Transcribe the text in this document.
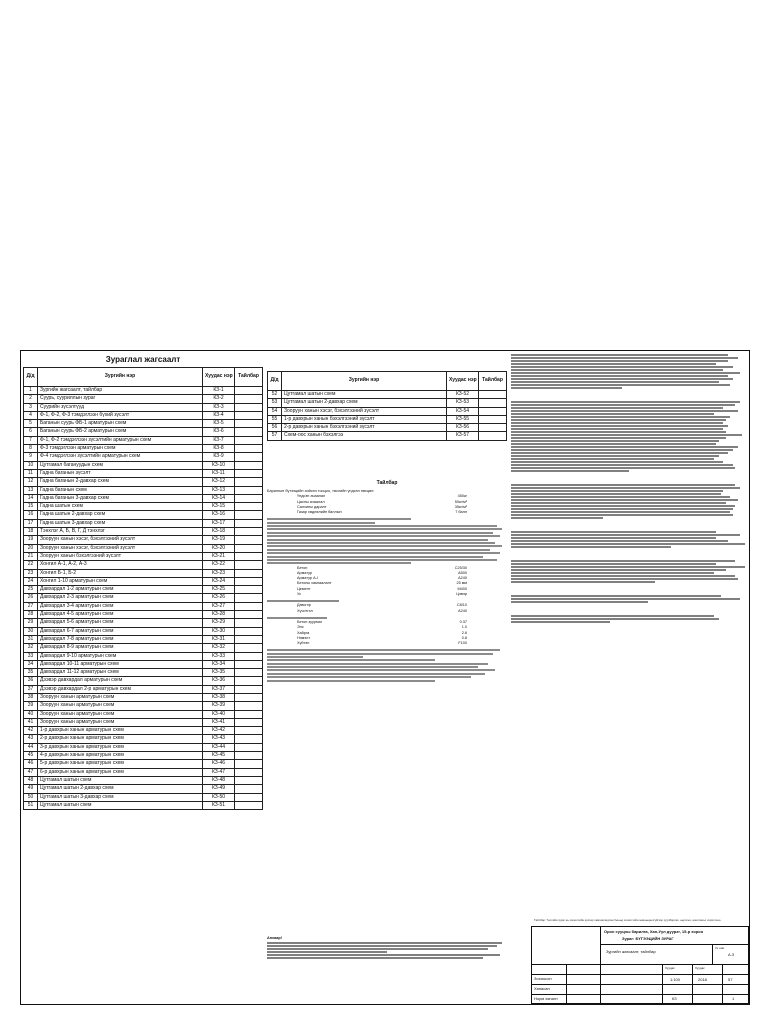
Зураглал жагсаалт
Д/д	Зургийн нэр	Хуудас нэр	Тайлбар
1	Зургийн жагсаалт, тайлбар	КЗ-1	
2	Суурь, сууриллын зураг	КЗ-2	
3	Суурийн зүсэлтүүд	КЗ-3	
4	Ф-1, Ф-2, Ф-3 тэмдэглээн бүхий зүсэлт	КЗ-4	
5	Баганын суурь ФБ-1 арматурын схем	КЗ-5	
6	Баганын суурь ФБ-2 арматурын схем	КЗ-6	
7	Ф-1, Ф-2 тэмдэглээн зүсэлтийн арматурын схем	КЗ-7	
8	Ф-3 тэмдэглээн арматурын схем	КЗ-8	
9	Ф-4 тэмдэглээн зүсэлтийн арматурын схем	КЗ-9	
10	Цутгамал багануудын схем	КЗ-10	
11	Гадна баганын зүсэлт	КЗ-11	
12	Гадна баганын 2-давхар схем	КЗ-12	
13	Гадна баганын схем	КЗ-13	
14	Гадна баганын 3-давхар схем	КЗ-14	
15	Гадна шатын схем	КЗ-15	
16	Гадна шатын 2-давхар схем	КЗ-16	
17	Гадна шатын 3-давхар схем	КЗ-17	
18	Тэнхлэг А, Б, В, Г, Д тэнхлэг	КЗ-18	
19	Зооруун ханын хэсэг, бэхэлгээний зүсэлт	КЗ-19	
20	Зооруун ханын хэсэг, бэхэлгээний зүсэлт	КЗ-20	
21	Зооруун ханын бэхэлгээний зүсэлт	КЗ-21	
22	Хонгил А-1, А-2, А-3	КЗ-22	
23	Хонгил Б-1, Б-2	КЗ-23	
24	Хонгил 1-10 арматурын схем	КЗ-24	
25	Давхардал 1-2 арматурын схем	КЗ-25	
26	Давхардал 2-3 арматурын схем	КЗ-26	
27	Давхардал 3-4 арматурын схем	КЗ-27	
28	Давхардал 4-5 арматурын схем	КЗ-28	
29	Давхардал 5-6 арматурын схем	КЗ-29	
30	Давхардал 6-7 арматурын схем	КЗ-30	
31	Давхардал 7-8 арматурын схем	КЗ-31	
32	Давхардал 8-9 арматурын схем	КЗ-32	
33	Давхардал 9-10 арматурын схем	КЗ-33	
34	Давхардал 10-11 арматурын схем	КЗ-34	
35	Давхардал 11-12 арматурын схем	КЗ-35	
36	Дээвэр давхардал арматурын схем	КЗ-36	
37	Дээвэр давхардал 2-р арматурын схем	КЗ-37	
38	Зооруун ханын арматурын схем	КЗ-38	
39	Зооруун ханын арматурын схем	КЗ-39	
40	Зооруун ханын арматурын схем	КЗ-40	
41	Зооруун ханын арматурын схем	КЗ-41	
42	1-р давхрын ханын арматурын схем	КЗ-42	
43	2-р давхрын ханын арматурын схем	КЗ-43	
44	3-р давхрын ханын арматурын схем	КЗ-44	
45	4-р давхрын ханын арматурын схем	КЗ-45	
46	5-р давхрын ханын арматурын схем	КЗ-46	
47	6-р давхрын ханын арматурын схем	КЗ-47	
48	Цутгамал шатын схем	КЗ-48	
49	Цутгамал шатын 2-давхар схем	КЗ-49	
50	Цутгамал шатын 3-давхар схем	КЗ-50	
51	Цутгамал шатын схем	КЗ-51	
Д/д	Зургийн нэр	Хуудас нэр	Тайлбар
52	Цутгамал шатын схем	КЗ-52	
53	Цутгамал шатын 2-давхар схем	КЗ-53	
54	Зооруун ханын хэсэг, бэхэлгээний зүсэлт	КЗ-54	
55	1-р давхрын ханын бэхэлгээний зүсэлт	КЗ-55	
56	2-р давхрын ханын бэхэлгээний зүсэлт	КЗ-56	
57	Схем-оос ханын бэхэлгээ	КЗ-57	
Тайлбар
Барилгын бүтээцийн хийсэн тооцоо, төслийн үндсэн нөхцөл:
Үндсэн ачаалал	450кг
Цасны ачаалал	50кг/м²
Салхины даралт	35кг/м²
Газар хөдлөлийн баллын	7 балл
Бетон	C25/30
Арматур	A500
Арматур A-I	A240
Бетоны хамгаалалт	25 мм
Цемент	M400
Ус	Цэвэр
Дэвсгэр	C8/10
Хүчитгэл	A240
Бетон зуурмаг	0.37
Элс	1.0
Хайрга	2.6
Нэмэлт	0.8
Хүйтэн	F100
Анхаар!
Тайлбар: Төслийн зураг нь зохиогчийн эрхээр хамгаалагдсан бөгөөд зохиогчийн зөвшөөрөлгүйгээр хуулбарлах, өөрчлөх, ашиглахыг хориглоно.
Орон сууцны барилга, Хан-Уул дүүрэг, 15-р хороо
Зураг: БҮТЭЭЦИЙН ЗУРАГ
Зургийн жагсаалт, тайлбар
Үе шат
А.З
Зохиосон
Хянасан
Норм хяналт
Хуудас	Хуудас
1:100	2018	57
КЗ	1
